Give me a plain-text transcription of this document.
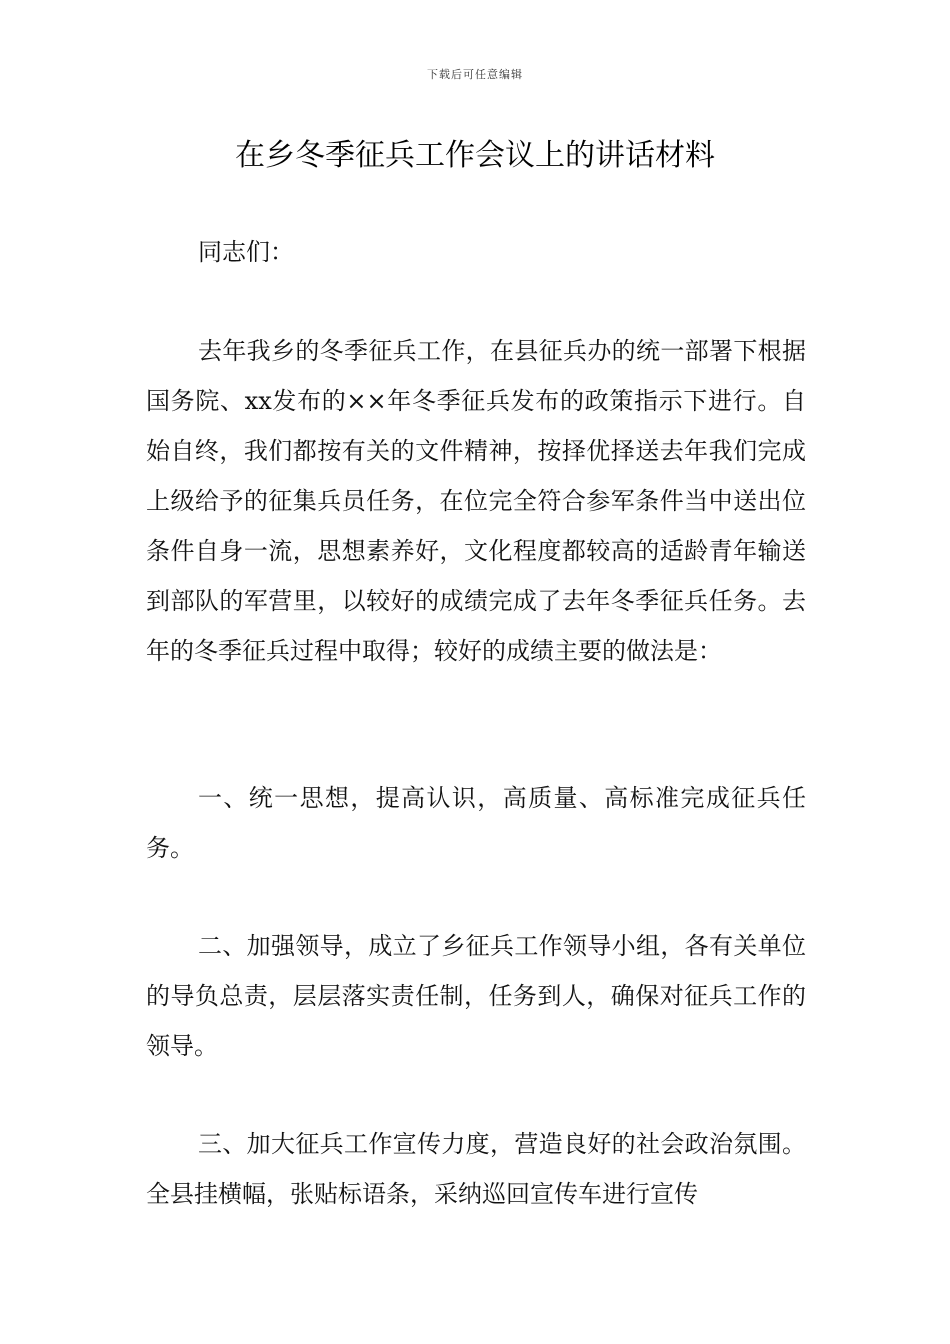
下载后可任意编辑
在乡冬季征兵工作会议上的讲话材料

同志们：

去年我乡的冬季征兵工作，在县征兵办的统一部署下根据国务院、xx发布的××年冬季征兵发布的政策指示下进行。自始自终，我们都按有关的文件精神，按择优择送去年我们完成上级给予的征集兵员任务，在位完全符合参军条件当中送出位条件自身一流，思想素养好，文化程度都较高的适龄青年输送到部队的军营里，以较好的成绩完成了去年冬季征兵任务。去年的冬季征兵过程中取得；较好的成绩主要的做法是：

一、统一思想，提高认识，高质量、高标准完成征兵任务。

二、加强领导，成立了乡征兵工作领导小组，各有关单位的导负总责，层层落实责任制，任务到人，确保对征兵工作的领导。

三、加大征兵工作宣传力度，营造良好的社会政治氛围。全县挂横幅，张贴标语条，采纳巡回宣传车进行宣传
